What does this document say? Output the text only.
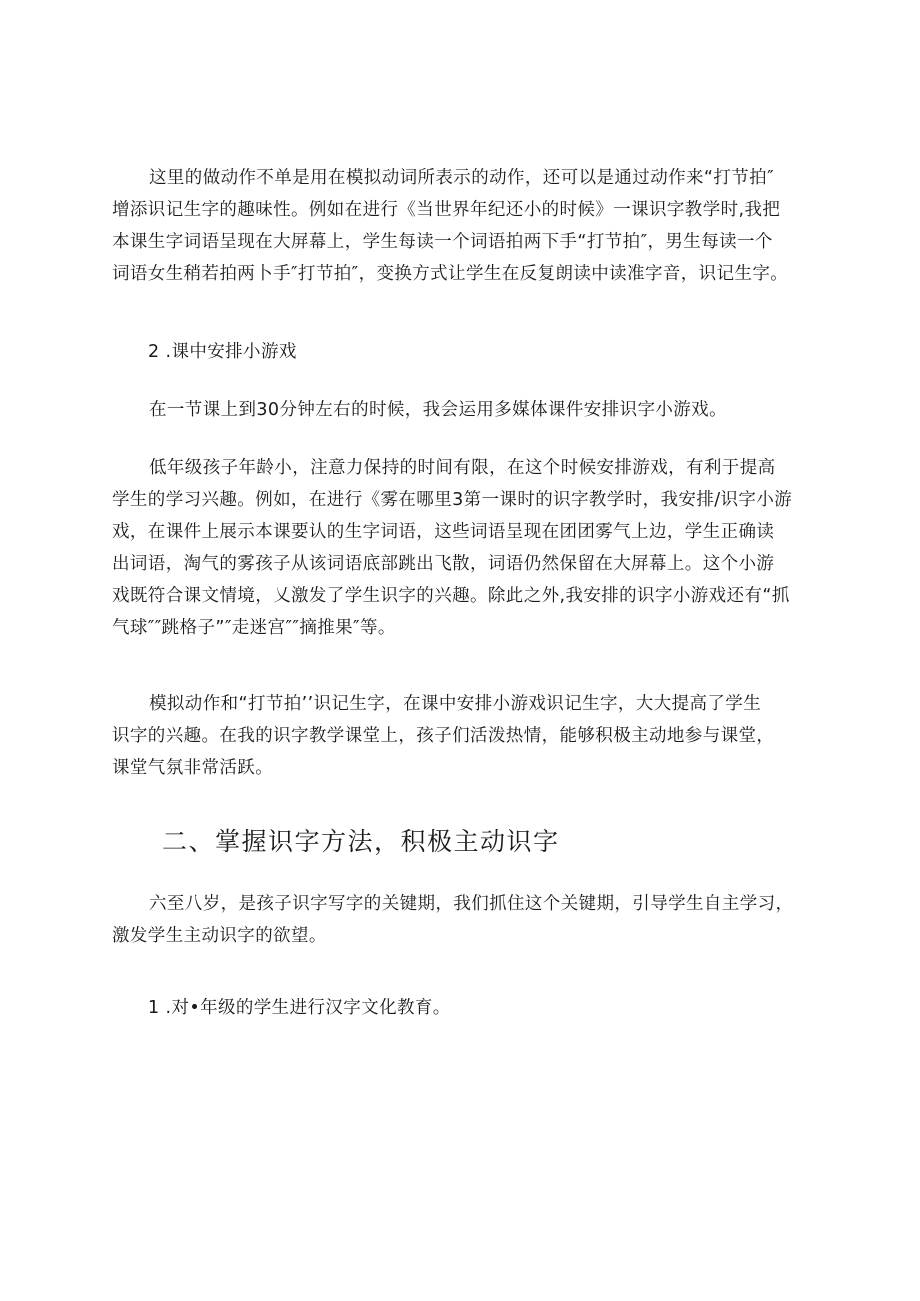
这里的做动作不单是用在模拟动词所表示的动作，还可以是通过动作来“打节拍″
增添识记生字的趣味性。例如在进行《当世界年纪还小的时候》一课识字教学时,我把
本课生字词语呈现在大屏幕上，学生每读一个词语拍两下手“打节拍″，男生每读一个
词语女生稍若拍两卜手″打节拍″，变换方式让学生在反复朗读中读准字音，识记生字。

2 .课中安排小游戏

在一节课上到30分钟左右的时候，我会运用多媒体课件安排识字小游戏。
低年级孩子年龄小，注意力保持的时间有限，在这个时候安排游戏，有利于提高
学生的学习兴趣。例如，在进行《雾在哪里3第一课时的识字教学时，我安排/识字小游
戏，在课件上展示本课要认的生字词语，这些词语呈现在团团雾气上边，学生正确读
出词语，淘气的雾孩子从该词语底部跳出飞散，词语仍然保留在大屏幕上。这个小游
戏既符合课文情境，乂激发了学生识字的兴趣。除此之外,我安排的识字小游戏还有“抓
气球″″跳格子”″走迷宫″″摘推果″等。
模拟动作和“打节拍’’识记生字，在课中安排小游戏识记生字，大大提高了学生
识字的兴趣。在我的识字教学课堂上，孩子们活泼热情，能够积极主动地参与课堂，
课堂气氛非常活跃。
二、掌握识字方法，积极主动识字
六至八岁，是孩子识字写字的关键期，我们抓住这个关键期，引导学生自主学习，
激发学生主动识字的欲望。

1 .对•年级的学生进行汉字文化教育。
